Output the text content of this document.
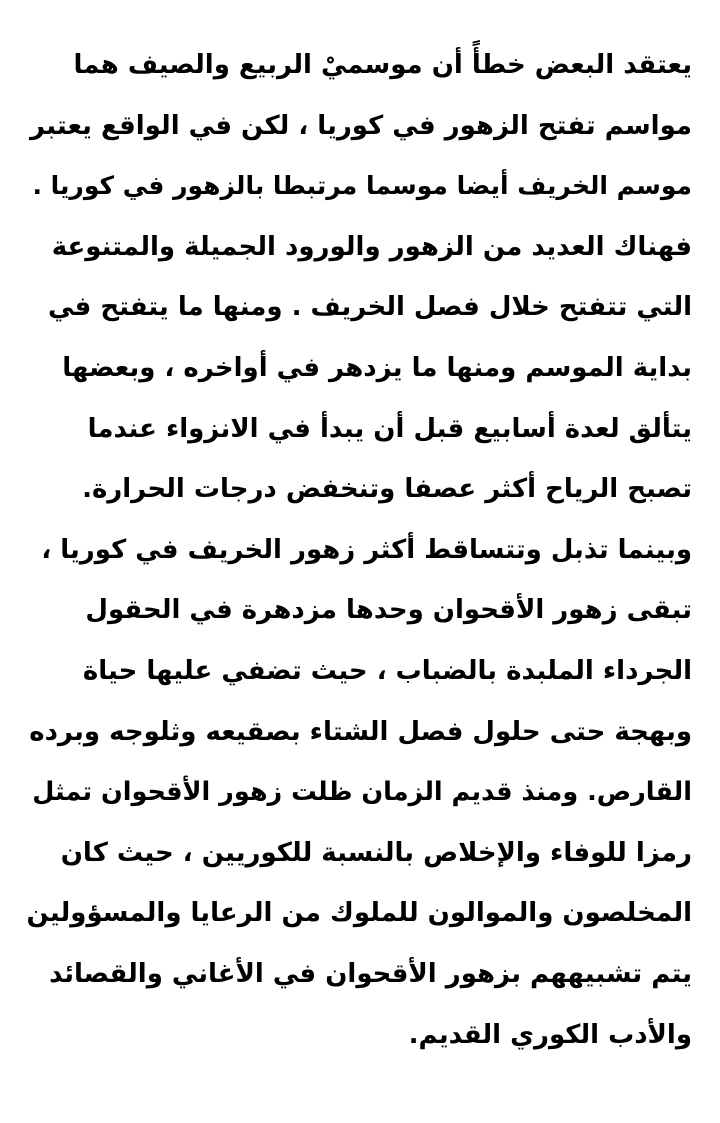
يعتقد البعض خطأً أن موسميْ الربيع والصيف هما
مواسم تفتح الزهور في كوريا ، لكن في الواقع يعتبر
موسم الخريف أيضا موسما مرتبطا بالزهور في كوريا .
فهناك العديد من الزهور والورود الجميلة والمتنوعة
التي تتفتح خلال فصل الخريف . ومنها ما يتفتح في
بداية الموسم ومنها ما يزدهر في أواخره ، وبعضها
يتألق لعدة أسابيع قبل أن يبدأ في الانزواء عندما
تصبح الرياح أكثر عصفا وتنخفض درجات الحرارة.
وبينما تذبل وتتساقط أكثر زهور الخريف في كوريا ،
تبقى زهور الأقحوان وحدها مزدهرة في الحقول
الجرداء الملبدة بالضباب ، حيث تضفي عليها حياة
وبهجة حتى حلول فصل الشتاء بصقيعه وثلوجه وبرده
القارص. ومنذ قديم الزمان ظلت زهور الأقحوان تمثل
رمزا للوفاء والإخلاص بالنسبة للكوريين ، حيث كان
المخلصون والموالون للملوك من الرعايا والمسؤولين
يتم تشبيههم بزهور الأقحوان في الأغاني والقصائد
والأدب الكوري القديم.
